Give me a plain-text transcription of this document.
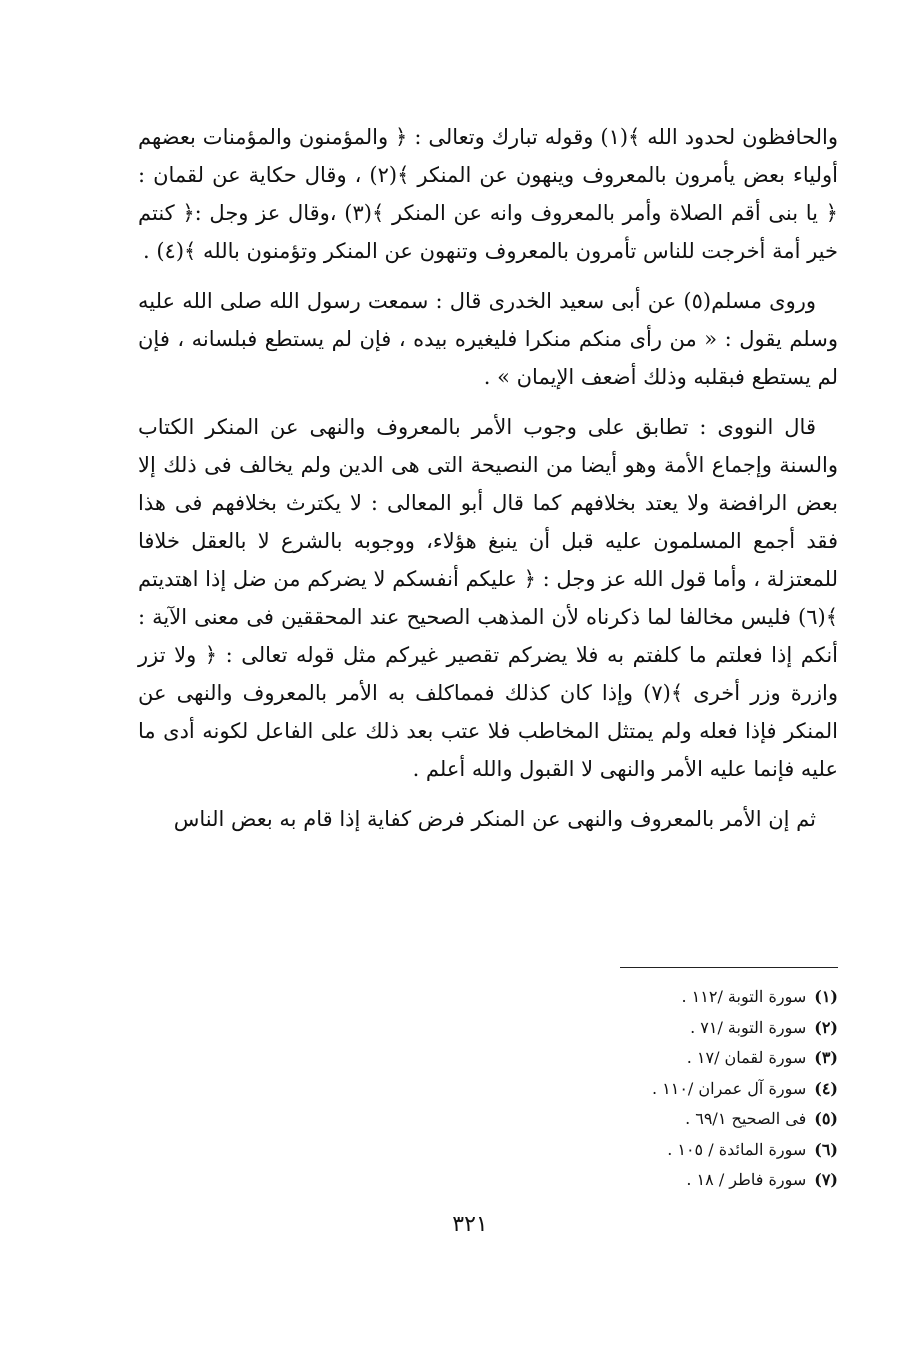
والحافظون لحدود الله ﴾(١) وقوله تبارك وتعالى : ﴿ والمؤمنون والمؤمنات بعضهم أولياء بعض يأمرون بالمعروف وينهون عن المنكر ﴾(٢) ، وقال حكاية عن لقمان : ﴿ يا بنى أقم الصلاة وأمر بالمعروف وانه عن المنكر ﴾(٣) ،وقال عز وجل :﴿ كنتم خير أمة أخرجت للناس تأمرون بالمعروف وتنهون عن المنكر وتؤمنون بالله ﴾(٤) .

وروى مسلم(٥) عن أبى سعيد الخدرى قال : سمعت رسول الله صلى الله عليه وسلم يقول : « من رأى منكم منكرا فليغيره بيده ، فإن لم يستطع فبلسانه ، فإن لم يستطع فبقلبه وذلك أضعف الإيمان » .

قال النووى : تطابق على وجوب الأمر بالمعروف والنهى عن المنكر الكتاب والسنة وإجماع الأمة وهو أيضا من النصيحة التى هى الدين ولم يخالف فى ذلك إلا بعض الرافضة ولا يعتد بخلافهم كما قال أبو المعالى : لا يكترث بخلافهم فى هذا فقد أجمع المسلمون عليه قبل أن ينبغ هؤلاء، ووجوبه بالشرع لا بالعقل خلافا للمعتزلة ، وأما قول الله عز وجل : ﴿ عليكم أنفسكم لا يضركم من ضل إذا اهتديتم ﴾(٦) فليس مخالفا لما ذكرناه لأن المذهب الصحيح عند المحققين فى معنى الآية : أنكم إذا فعلتم ما كلفتم به فلا يضركم تقصير غيركم مثل قوله تعالى : ﴿ ولا تزر وازرة وزر أخرى ﴾(٧) وإذا كان كذلك فمماكلف به الأمر بالمعروف والنهى عن المنكر فإذا فعله ولم يمتثل المخاطب فلا عتب بعد ذلك على الفاعل لكونه أدى ما عليه فإنما عليه الأمر والنهى لا القبول والله أعلم .

ثم إن الأمر بالمعروف والنهى عن المنكر فرض كفاية إذا قام به بعض الناس

(١)سورة التوبة /١١٢ .
(٢)سورة التوبة /٧١ .
(٣)سورة لقمان /١٧ .
(٤)سورة آل عمران /١١٠ .
(٥)فى الصحيح ٦٩/١ .
(٦)سورة المائدة / ١٠٥ .
(٧)سورة فاطر / ١٨ .
٣٢١
